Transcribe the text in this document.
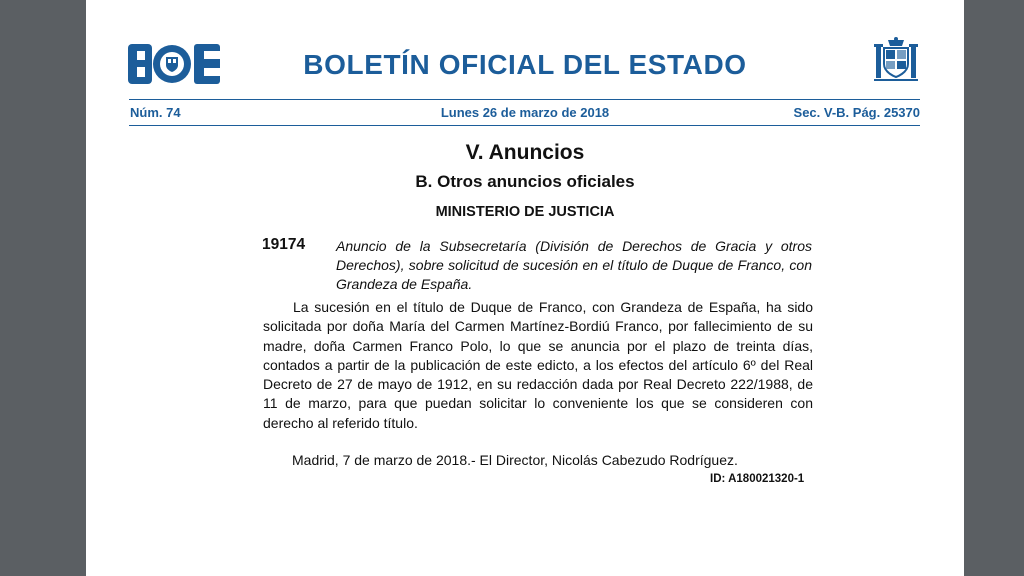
BOLETÍN OFICIAL DEL ESTADO
Núm. 74	Lunes 26 de marzo de 2018	Sec. V-B. Pág. 25370
V. Anuncios
B. Otros anuncios oficiales
MINISTERIO DE JUSTICIA
19174 Anuncio de la Subsecretaría (División de Derechos de Gracia y otros Derechos), sobre solicitud de sucesión en el título de Duque de Franco, con Grandeza de España.
La sucesión en el título de Duque de Franco, con Grandeza de España, ha sido solicitada por doña María del Carmen Martínez-Bordiú Franco, por fallecimiento de su madre, doña Carmen Franco Polo, lo que se anuncia por el plazo de treinta días, contados a partir de la publicación de este edicto, a los efectos del artículo 6º del Real Decreto de 27 de mayo de 1912, en su redacción dada por Real Decreto 222/1988, de 11 de marzo, para que puedan solicitar lo conveniente los que se consideren con derecho al referido título.
Madrid, 7 de marzo de 2018.- El Director, Nicolás Cabezudo Rodríguez.
ID: A180021320-1
